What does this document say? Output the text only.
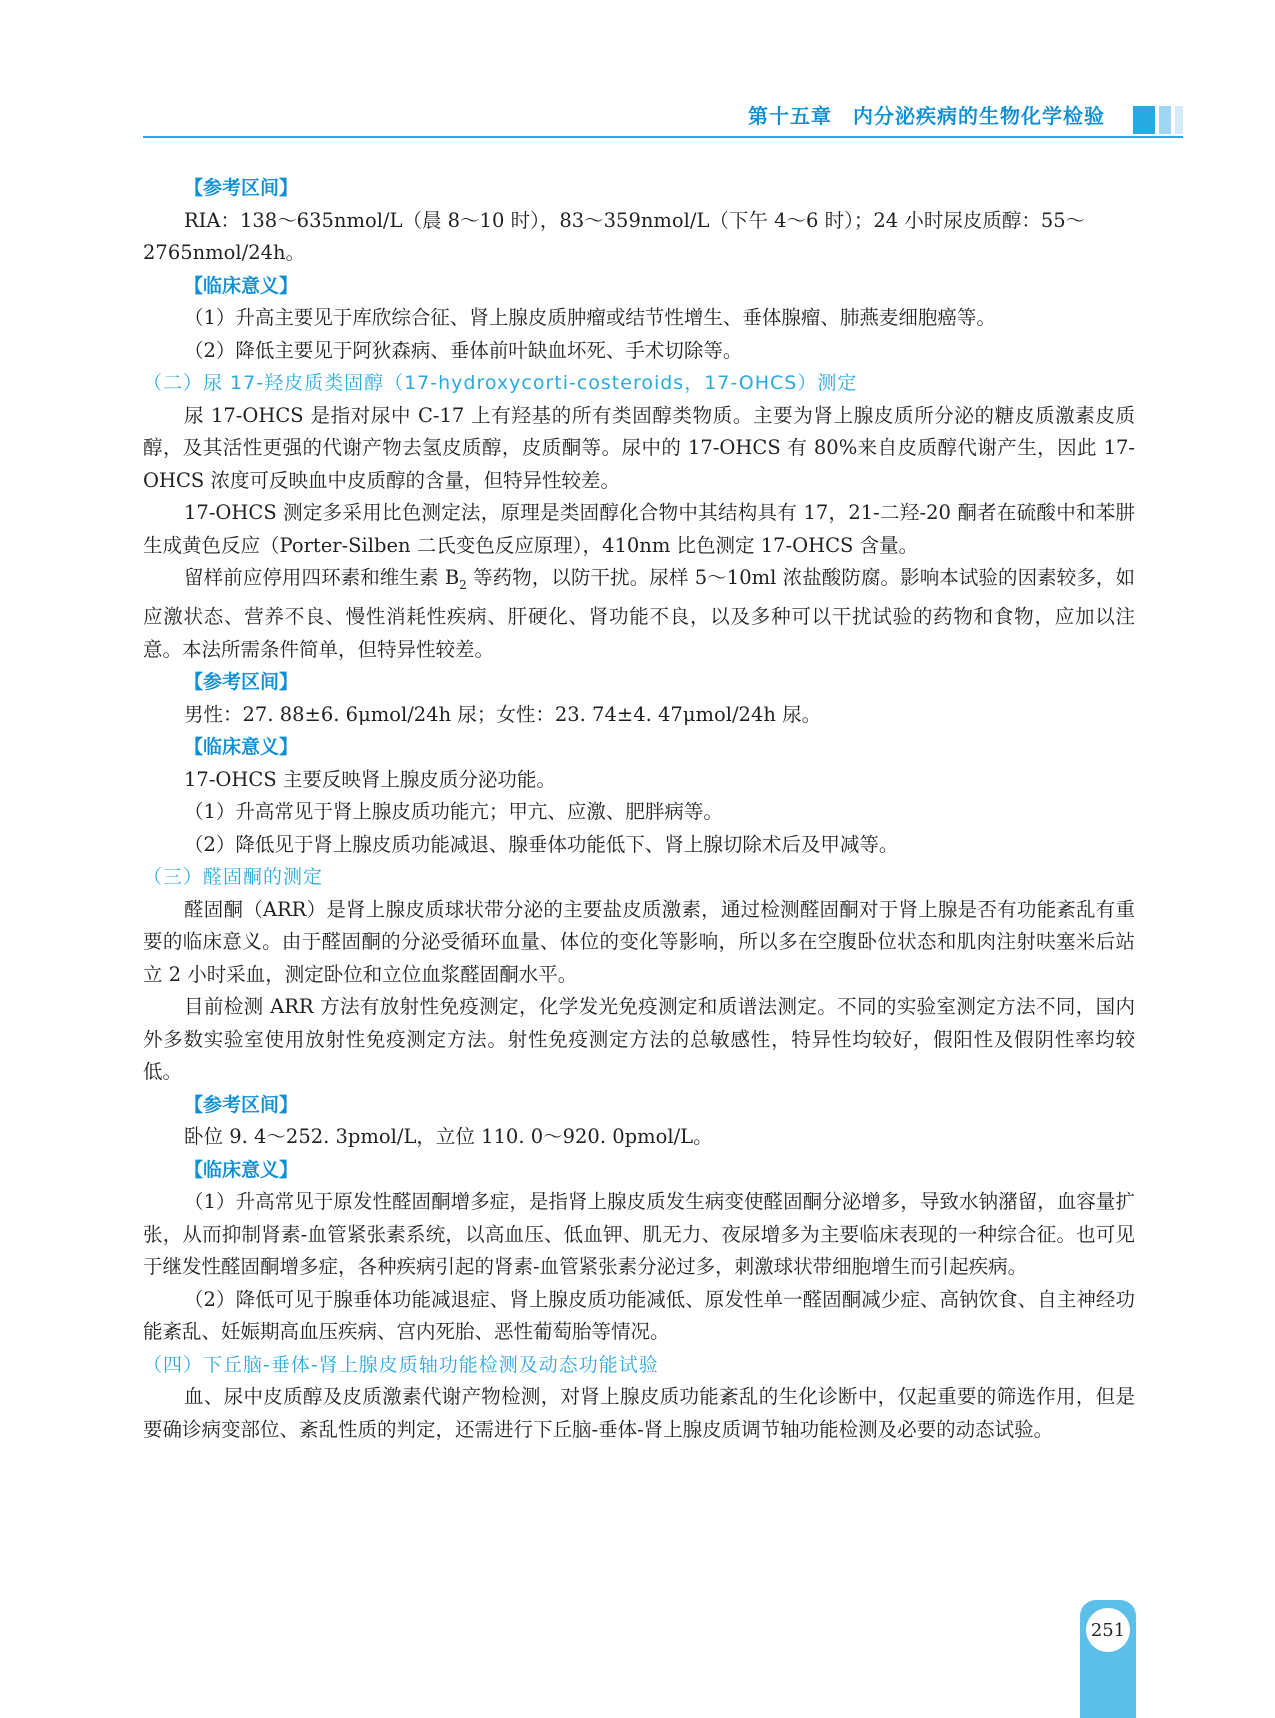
第十五章　内分泌疾病的生物化学检验
【参考区间】

RIA：138～635nmol/L（晨 8～10 时），83～359nmol/L（下午 4～6 时）；24 小时尿皮质醇：55～

2765nmol/24h。

【临床意义】

（1）升高主要见于库欣综合征、肾上腺皮质肿瘤或结节性增生、垂体腺瘤、肺燕麦细胞癌等。

（2）降低主要见于阿狄森病、垂体前叶缺血坏死、手术切除等。

（二）尿 17-羟皮质类固醇（17-hydroxycorti-costeroids，17-OHCS）测定

尿 17-OHCS 是指对尿中 C-17 上有羟基的所有类固醇类物质。主要为肾上腺皮质所分泌的糖皮质激素皮质醇，及其活性更强的代谢产物去氢皮质醇，皮质酮等。尿中的 17-OHCS 有 80%来自皮质醇代谢产生，因此 17-OHCS 浓度可反映血中皮质醇的含量，但特异性较差。

17-OHCS 测定多采用比色测定法，原理是类固醇化合物中其结构具有 17，21-二羟-20 酮者在硫酸中和苯肼生成黄色反应（Porter-Silben 二氏变色反应原理），410nm 比色测定 17-OHCS 含量。

留样前应停用四环素和维生素 $B_2$ 等药物，以防干扰。尿样 5～10ml 浓盐酸防腐。影响本试验的因素较多，如应激状态、营养不良、慢性消耗性疾病、肝硬化、肾功能不良，以及多种可以干扰试验的药物和食物，应加以注意。本法所需条件简单，但特异性较差。

【参考区间】

男性：27. 88±6. 6μmol/24h 尿；女性：23. 74±4. 47μmol/24h 尿。

【临床意义】

17-OHCS 主要反映肾上腺皮质分泌功能。

（1）升高常见于肾上腺皮质功能亢；甲亢、应激、肥胖病等。

（2）降低见于肾上腺皮质功能减退、腺垂体功能低下、肾上腺切除术后及甲减等。

（三）醛固酮的测定

醛固酮（ARR）是肾上腺皮质球状带分泌的主要盐皮质激素，通过检测醛固酮对于肾上腺是否有功能紊乱有重要的临床意义。由于醛固酮的分泌受循环血量、体位的变化等影响，所以多在空腹卧位状态和肌肉注射呋塞米后站立 2 小时采血，测定卧位和立位血浆醛固酮水平。

目前检测 ARR 方法有放射性免疫测定，化学发光免疫测定和质谱法测定。不同的实验室测定方法不同，国内外多数实验室使用放射性免疫测定方法。射性免疫测定方法的总敏感性，特异性均较好，假阳性及假阴性率均较低。

【参考区间】

卧位 9. 4～252. 3pmol/L，立位 110. 0～920. 0pmol/L。

【临床意义】

（1）升高常见于原发性醛固酮增多症，是指肾上腺皮质发生病变使醛固酮分泌增多，导致水钠潴留，血容量扩张，从而抑制肾素-血管紧张素系统，以高血压、低血钾、肌无力、夜尿增多为主要临床表现的一种综合征。也可见于继发性醛固酮增多症，各种疾病引起的肾素-血管紧张素分泌过多，刺激球状带细胞增生而引起疾病。

（2）降低可见于腺垂体功能减退症、肾上腺皮质功能减低、原发性单一醛固酮减少症、高钠饮食、自主神经功能紊乱、妊娠期高血压疾病、宫内死胎、恶性葡萄胎等情况。

（四）下丘脑-垂体-肾上腺皮质轴功能检测及动态功能试验

血、尿中皮质醇及皮质激素代谢产物检测，对肾上腺皮质功能紊乱的生化诊断中，仅起重要的筛选作用，但是要确诊病变部位、紊乱性质的判定，还需进行下丘脑-垂体-肾上腺皮质调节轴功能检测及必要的动态试验。

251
